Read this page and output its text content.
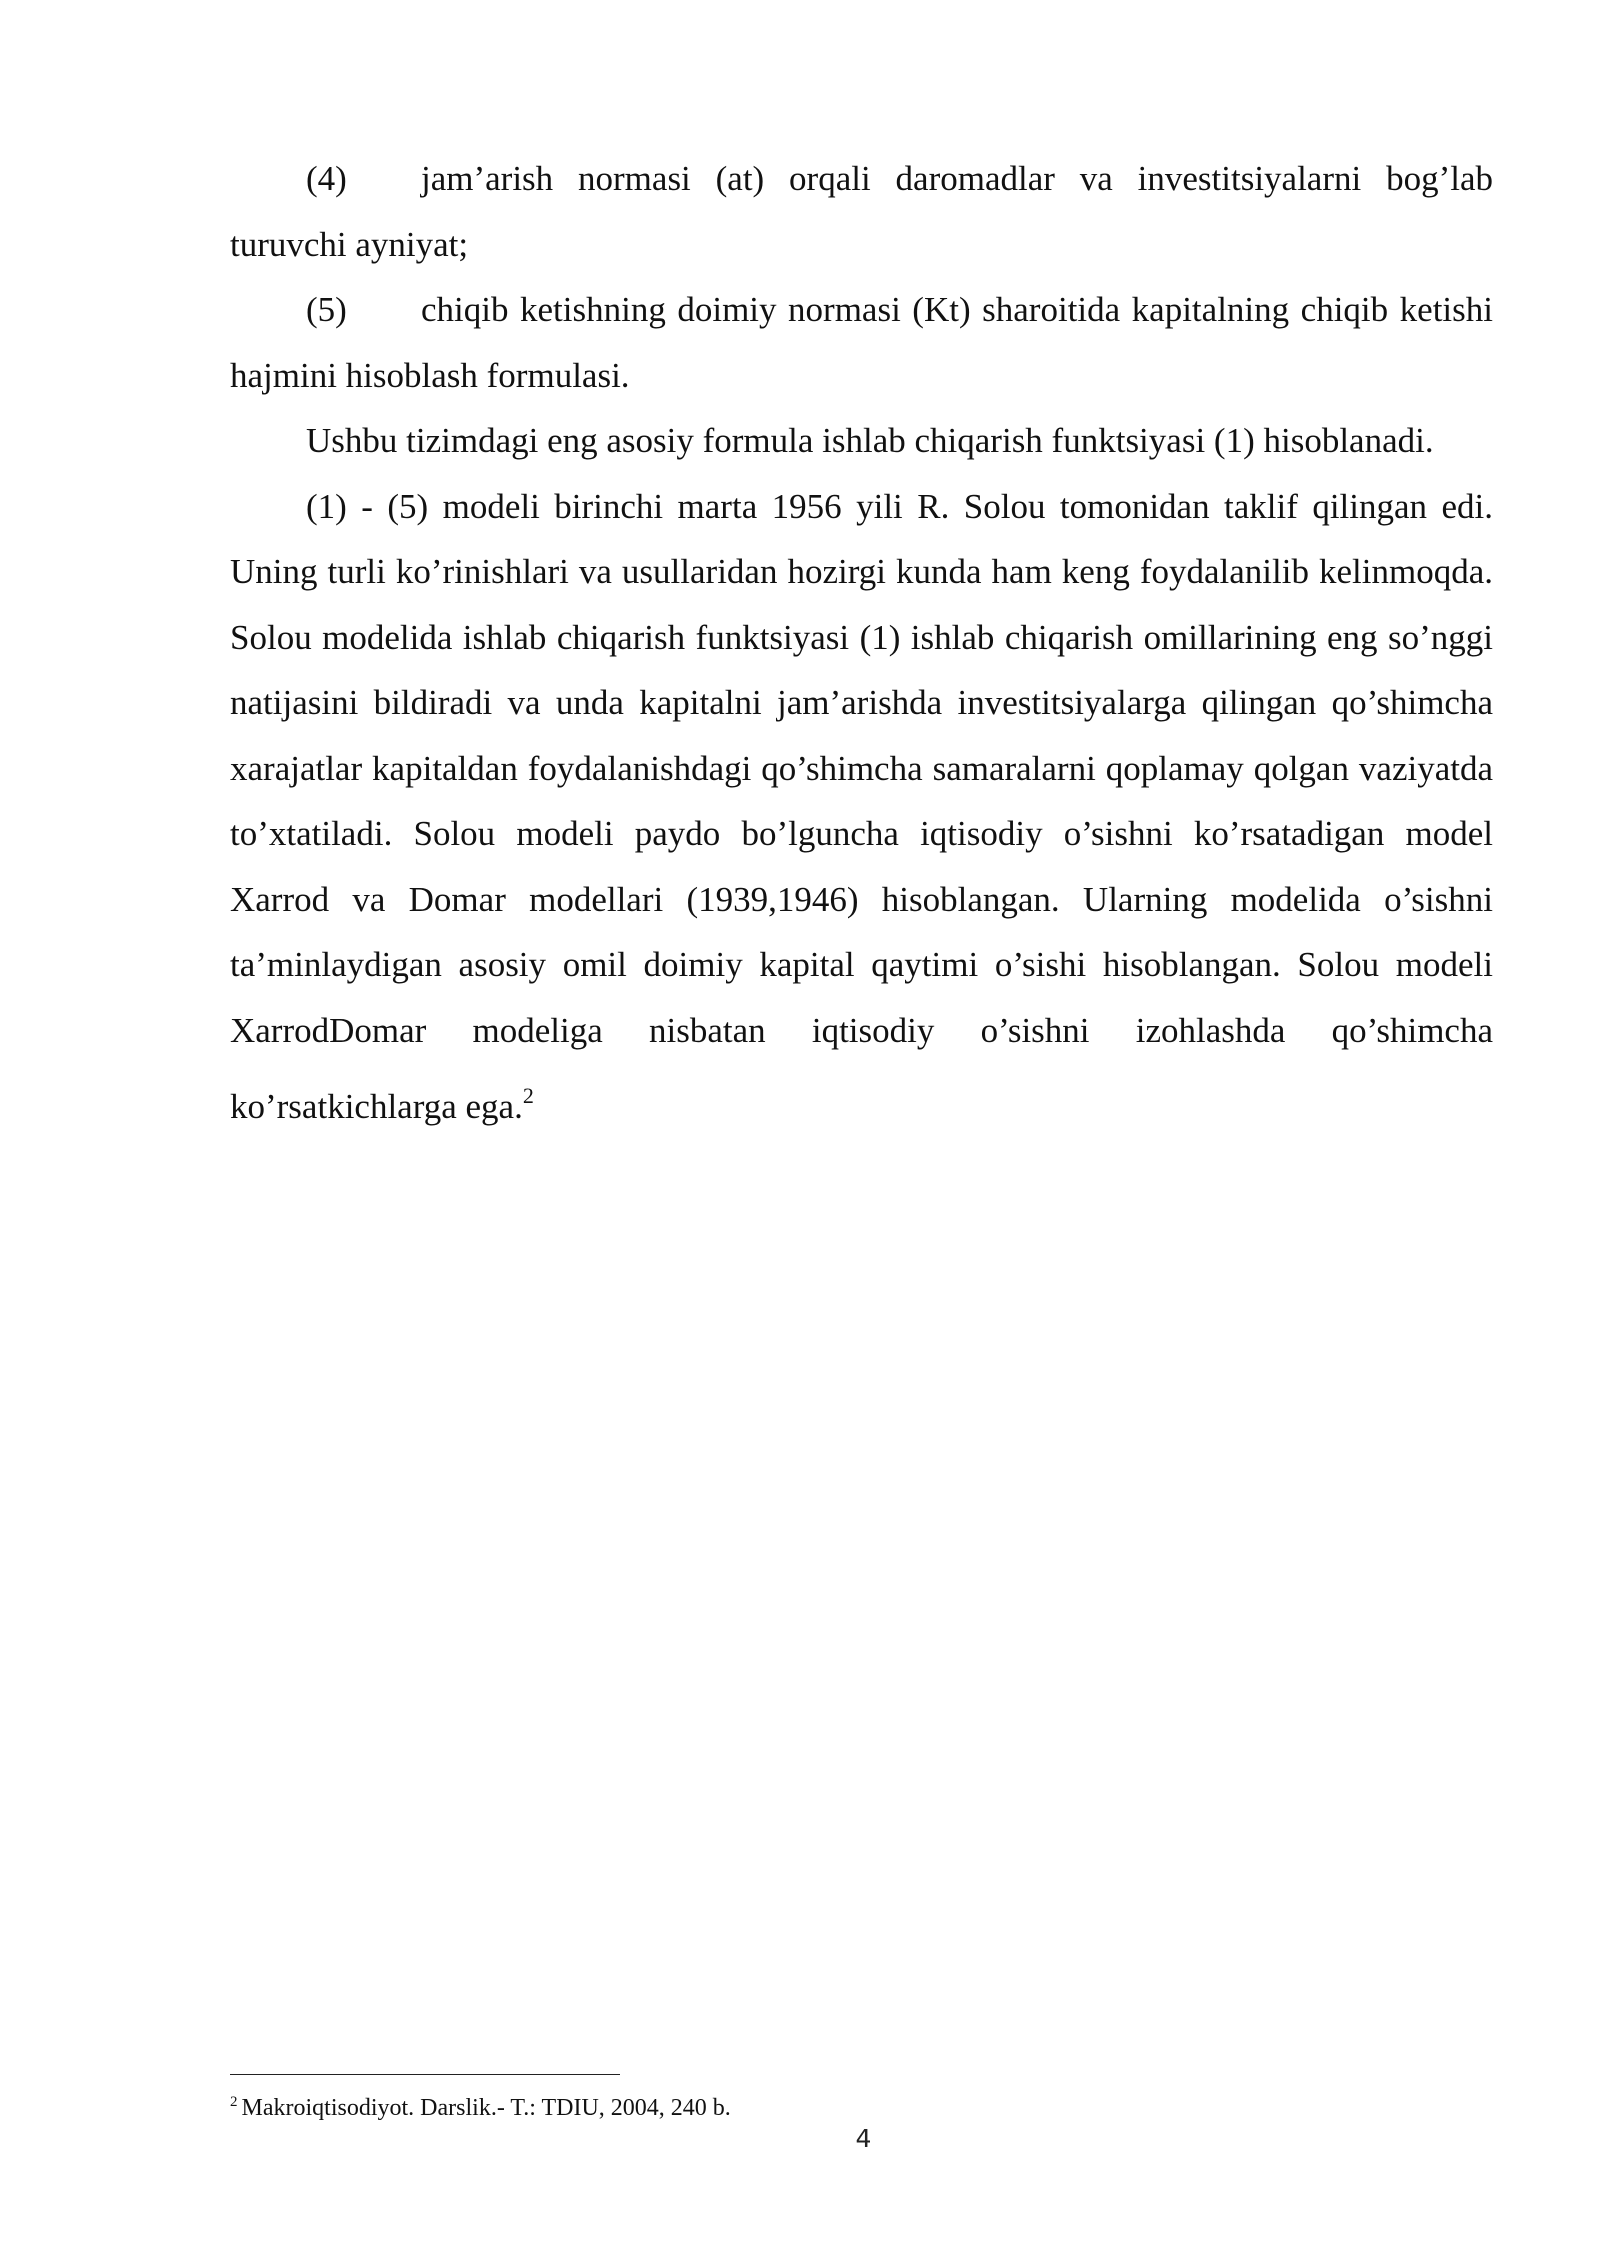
(4) jam’arish normasi (at) orqali daromadlar va investitsiyalarni bog’lab turuvchi ayniyat;

(5) chiqib ketishning doimiy normasi (Kt) sharoitida kapitalning chiqib ketishi hajmini hisoblash formulasi.

Ushbu tizimdagi eng asosiy formula ishlab chiqarish funktsiyasi (1) hisoblanadi.

(1) - (5) modeli birinchi marta 1956 yili R. Solou tomonidan taklif qilingan edi. Uning turli ko’rinishlari va usullaridan hozirgi kunda ham keng foydalanilib kelinmoqda. Solou modelida ishlab chiqarish funktsiyasi (1) ishlab chiqarish omillarining eng so’nggi natijasini bildiradi va unda kapitalni jam’arishda investitsiyalarga qilingan qo’shimcha xarajatlar kapitaldan foydalanishdagi qo’shimcha samaralarni qoplamay qolgan vaziyatda to’xtatiladi. Solou modeli paydo bo’lguncha iqtisodiy o’sishni ko’rsatadigan model Xarrod va Domar modellari (1939,1946) hisoblangan. Ularning modelida o’sishni ta’minlaydigan asosiy omil doimiy kapital qaytimi o’sishi hisoblangan. Solou modeli XarrodDomar modeliga nisbatan iqtisodiy o’sishni izohlashda qo’shimcha ko’rsatkichlarga ega.$^2$

$^2$ Makroiqtisodiyot. Darslik.- T.: TDIU, 2004, 240 b.
4
